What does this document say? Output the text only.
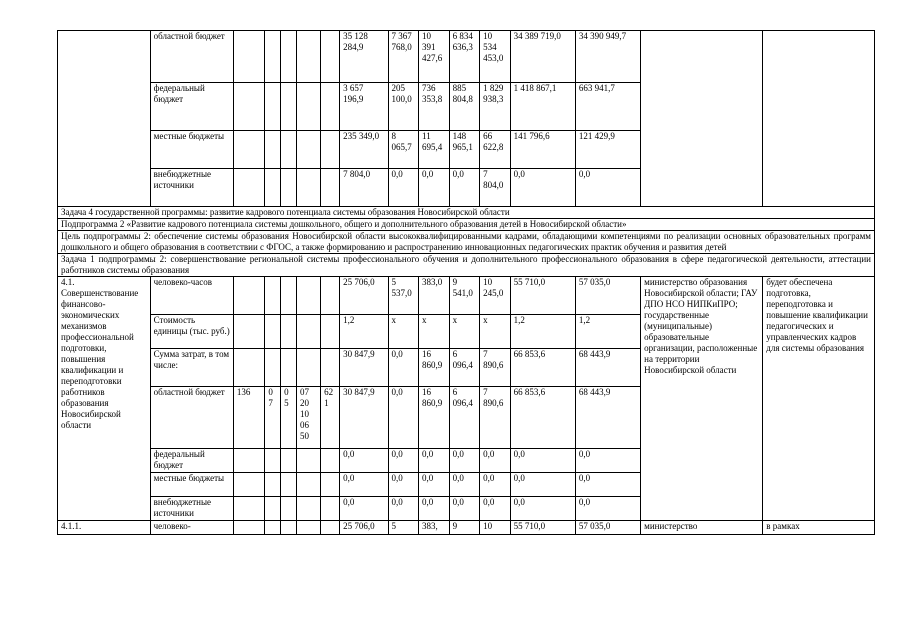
	областной бюджет						35 128 284,9	7 367 768,0	10 391 427,6	6 834 636,3	10 534 453,0	34 389 719,0	34 390 949,7		
	федеральный бюджет						3 657 196,9	205 100,0	736 353,8	885 804,8	1 829 938,3	1 418 867,1	663 941,7		
	местные бюджеты						235 349,0	8 065,7	11 695,4	148 965,1	66 622,8	141 796,6	121 429,9		
	внебюджетные источники						7 804,0	0,0	0,0	0,0	7 804,0	0,0	0,0		
Задача 4 государственной программы: развитие кадрового потенциала системы образования Новосибирской области															
Подпрограмма 2 «Развитие кадрового потенциала системы дошкольного, общего и дополнительного образования детей в Новосибирской области»															
Цель подпрограммы 2: обеспечение системы образования Новосибирской области высококвалифицированными кадрами, обладающими компетенциями по реализации основных образовательных программ дошкольного и общего образования в соответствии с ФГОС, а также формированию и распространению инновационных педагогических практик обучения и развития детей															
Задача 1 подпрограммы 2: совершенствование региональной системы профессионального обучения и дополнительного профессионального образования в сфере педагогической деятельности, аттестации работников системы образования															
4.1. Совершенствование финансово-экономических механизмов профессиональной подготовки, повышения квалификации и переподготовки работников образования Новосибирской области	человеко-часов						25 706,0	5 537,0	383,0	9 541,0	10 245,0	55 710,0	57 035,0	министерство образования Новосибирской области; ГАУ ДПО НСО НИПКиПРО; государственные (муниципальные) образовательные организации, расположенные на территории Новосибирской области	будет обеспечена подготовка, переподготовка и повышение квалификации педагогических и управленческих кадров для системы образования
	Стоимость единицы (тыс. руб.)						1,2	х	х	х	х	1,2	1,2		
	Сумма затрат, в том числе:						30 847,9	0,0	16 860,9	6 096,4	7 890,6	66 853,6	68 443,9		
	областной бюджет	136	07	05	07 20 10 06 50	621	30 847,9	0,0	16 860,9	6 096,4	7 890,6	66 853,6	68 443,9		
	федеральный бюджет						0,0	0,0	0,0	0,0	0,0	0,0	0,0		
	местные бюджеты						0,0	0,0	0,0	0,0	0,0	0,0	0,0		
	внебюджетные источники						0,0	0,0	0,0	0,0	0,0	0,0	0,0		
4.1.1.	человеко-						25 706,0	5	383,	9	10	55 710,0	57 035,0	министерство	в рамках
